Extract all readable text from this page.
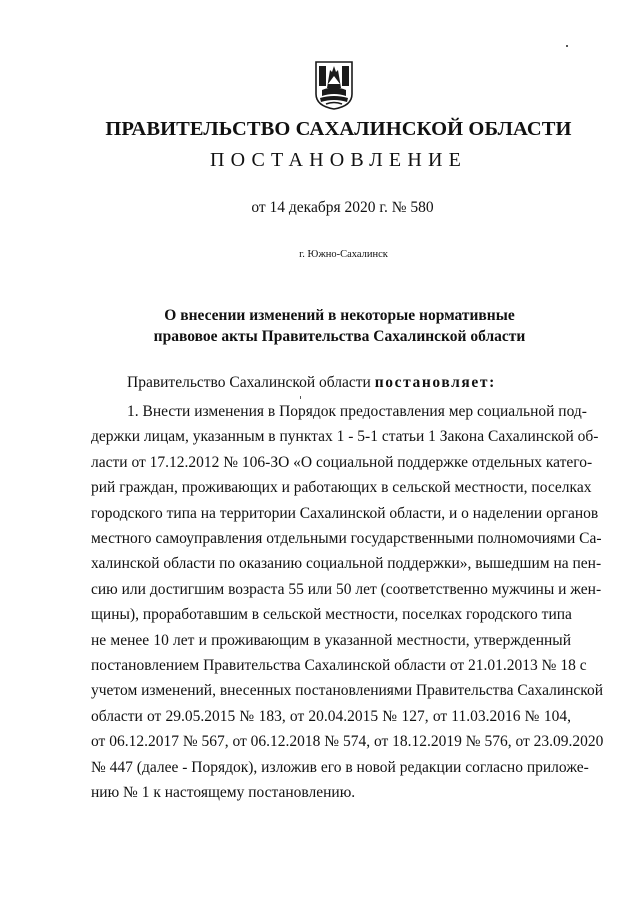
ПРАВИТЕЛЬСТВО САХАЛИНСКОЙ ОБЛАСТИ
ПОСТАНОВЛЕНИЕ
от 14 декабря 2020 г. № 580
г. Южно-Сахалинск
О внесении изменений в некоторые нормативные
правовое акты Правительства Сахалинской области
Правительство Сахалинской области постановляет:
1. Внести изменения в Порядок предоставления мер социальной под-
держки лицам, указанным в пунктах 1 - 5-1 статьи 1 Закона Сахалинской об-
ласти от 17.12.2012 № 106-ЗО «О социальной поддержке отдельных катего-
рий граждан, проживающих и работающих в сельской местности, поселках
городского типа на территории Сахалинской области, и о наделении органов
местного самоуправления отдельными государственными полномочиями Са-
халинской области по оказанию социальной поддержки», вышедшим на пен-
сию или достигшим возраста 55 или 50 лет (соответственно мужчины и жен-
щины), проработавшим в сельской местности, поселках городского типа
не менее 10 лет и проживающим в указанной местности, утвержденный
постановлением Правительства Сахалинской области от 21.01.2013 № 18 с
учетом изменений, внесенных постановлениями Правительства Сахалинской
области от 29.05.2015 № 183, от 20.04.2015 № 127, от 11.03.2016 № 104,
от 06.12.2017 № 567, от 06.12.2018 № 574, от 18.12.2019 № 576, от 23.09.2020
№ 447 (далее - Порядок), изложив его в новой редакции согласно приложе-
нию № 1 к настоящему постановлению.
